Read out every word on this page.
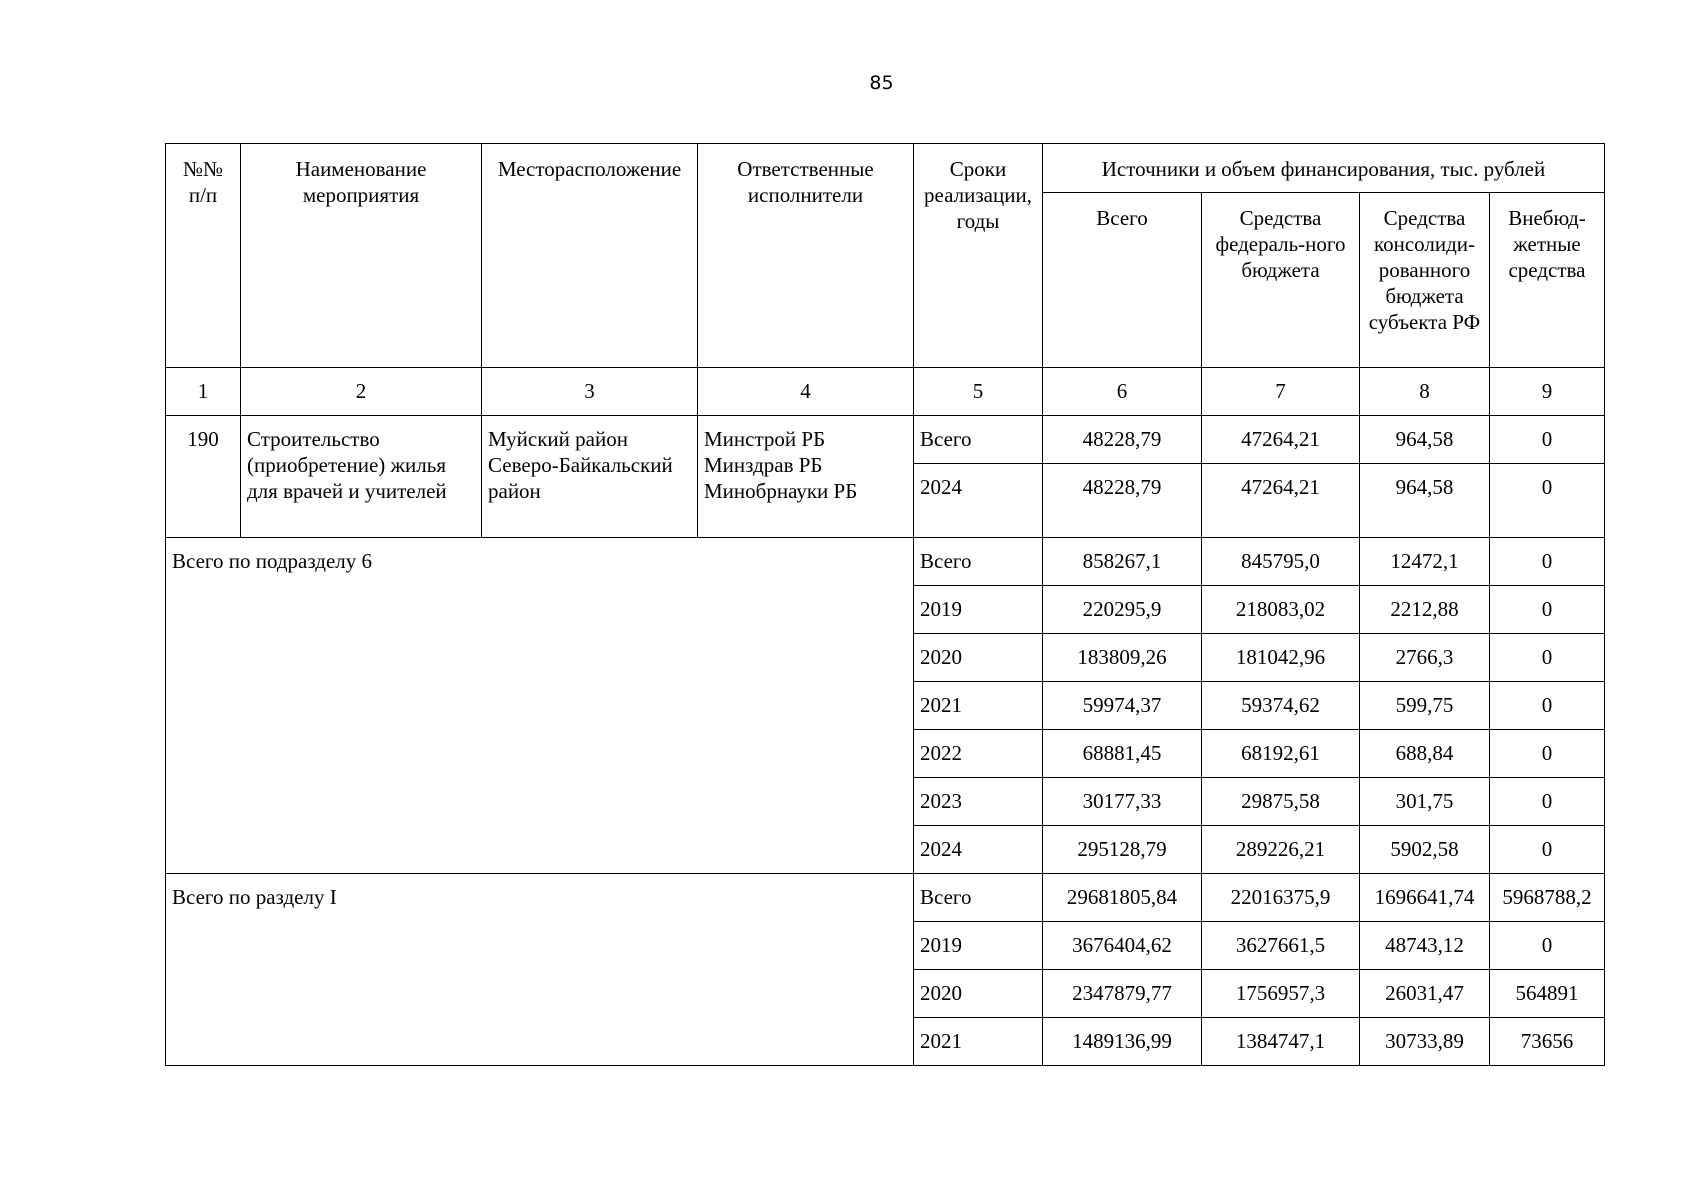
85
№№ п/п	Наименование мероприятия	Месторасположение	Ответственные исполнители	Сроки реализации, годы	Источники и объем финансирования, тыс. рублей			
					Всего	Средства федераль-ного бюджета	Средства консолиди-рованного бюджета субъекта РФ	Внебюд-жетные средства
1	2	3	4	5	6	7	8	9
190	Строительство (приобретение) жилья для врачей и учителей	Муйский район Северо-Байкальский район	Минстрой РБ Минздрав РБ Минобрнауки РБ	Всего	48228,79	47264,21	964,58	0
				2024	48228,79	47264,21	964,58	0
Всего по подразделу 6				Всего	858267,1	845795,0	12472,1	0
				2019	220295,9	218083,02	2212,88	0
				2020	183809,26	181042,96	2766,3	0
				2021	59974,37	59374,62	599,75	0
				2022	68881,45	68192,61	688,84	0
				2023	30177,33	29875,58	301,75	0
				2024	295128,79	289226,21	5902,58	0
Всего по разделу I				Всего	29681805,84	22016375,9	1696641,74	5968788,2
				2019	3676404,62	3627661,5	48743,12	0
				2020	2347879,77	1756957,3	26031,47	564891
				2021	1489136,99	1384747,1	30733,89	73656
